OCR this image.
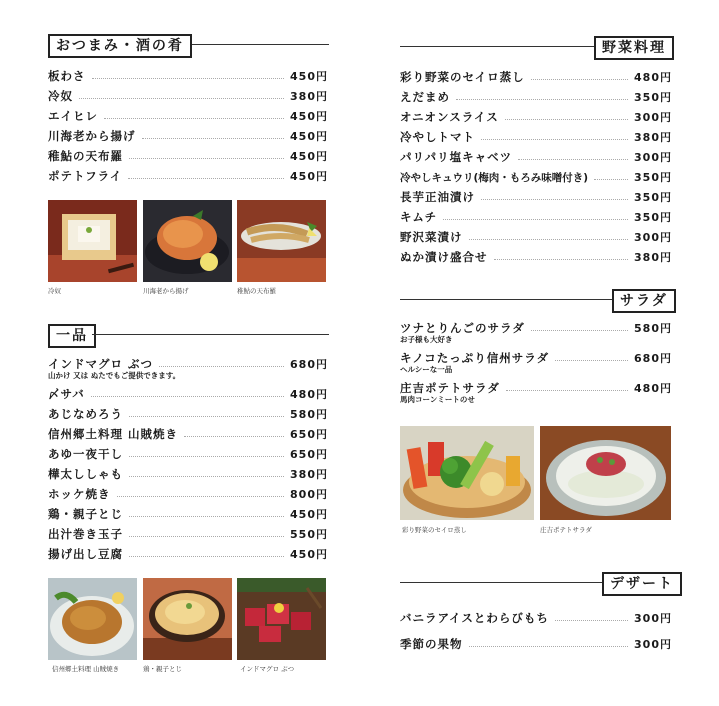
おつまみ・酒の肴
板わさ	450円
冷奴	380円
エイヒレ	450円
川海老から揚げ	450円
稚鮎の天布羅	450円
ポテトフライ	450円
冷奴	川海老から揚げ	稚鮎の天布羅
一品
インドマグロ ぶつ	680円
山かけ 又は ぬたでもご提供できます。
〆サバ	480円
あじなめろう	580円
信州郷土料理 山賊焼き	650円
あゆ一夜干し	650円
樺太ししゃも	380円
ホッケ焼き	800円
鶏・親子とじ	450円
出汁巻き玉子	550円
揚げ出し豆腐	450円
信州郷土料理 山賊焼き	鶏・親子とじ	インドマグロ ぶつ
野菜料理
彩り野菜のセイロ蒸し	480円
えだまめ	350円
オニオンスライス	300円
冷やしトマト	380円
パリパリ塩キャベツ	300円
冷やしキュウリ(梅肉・もろみ味噌付き)	350円
長芋正油漬け	350円
キムチ	350円
野沢菜漬け	300円
ぬか漬け盛合せ	380円
サラダ
ツナとりんごのサラダ	580円
お子様も大好き
キノコたっぷり信州サラダ	680円
ヘルシーな一品
庄吉ポテトサラダ	480円
馬肉コーンミートのせ
彩り野菜のセイロ蒸し	庄吉ポテトサラダ
デザート
バニラアイスとわらびもち	300円
季節の果物	300円
